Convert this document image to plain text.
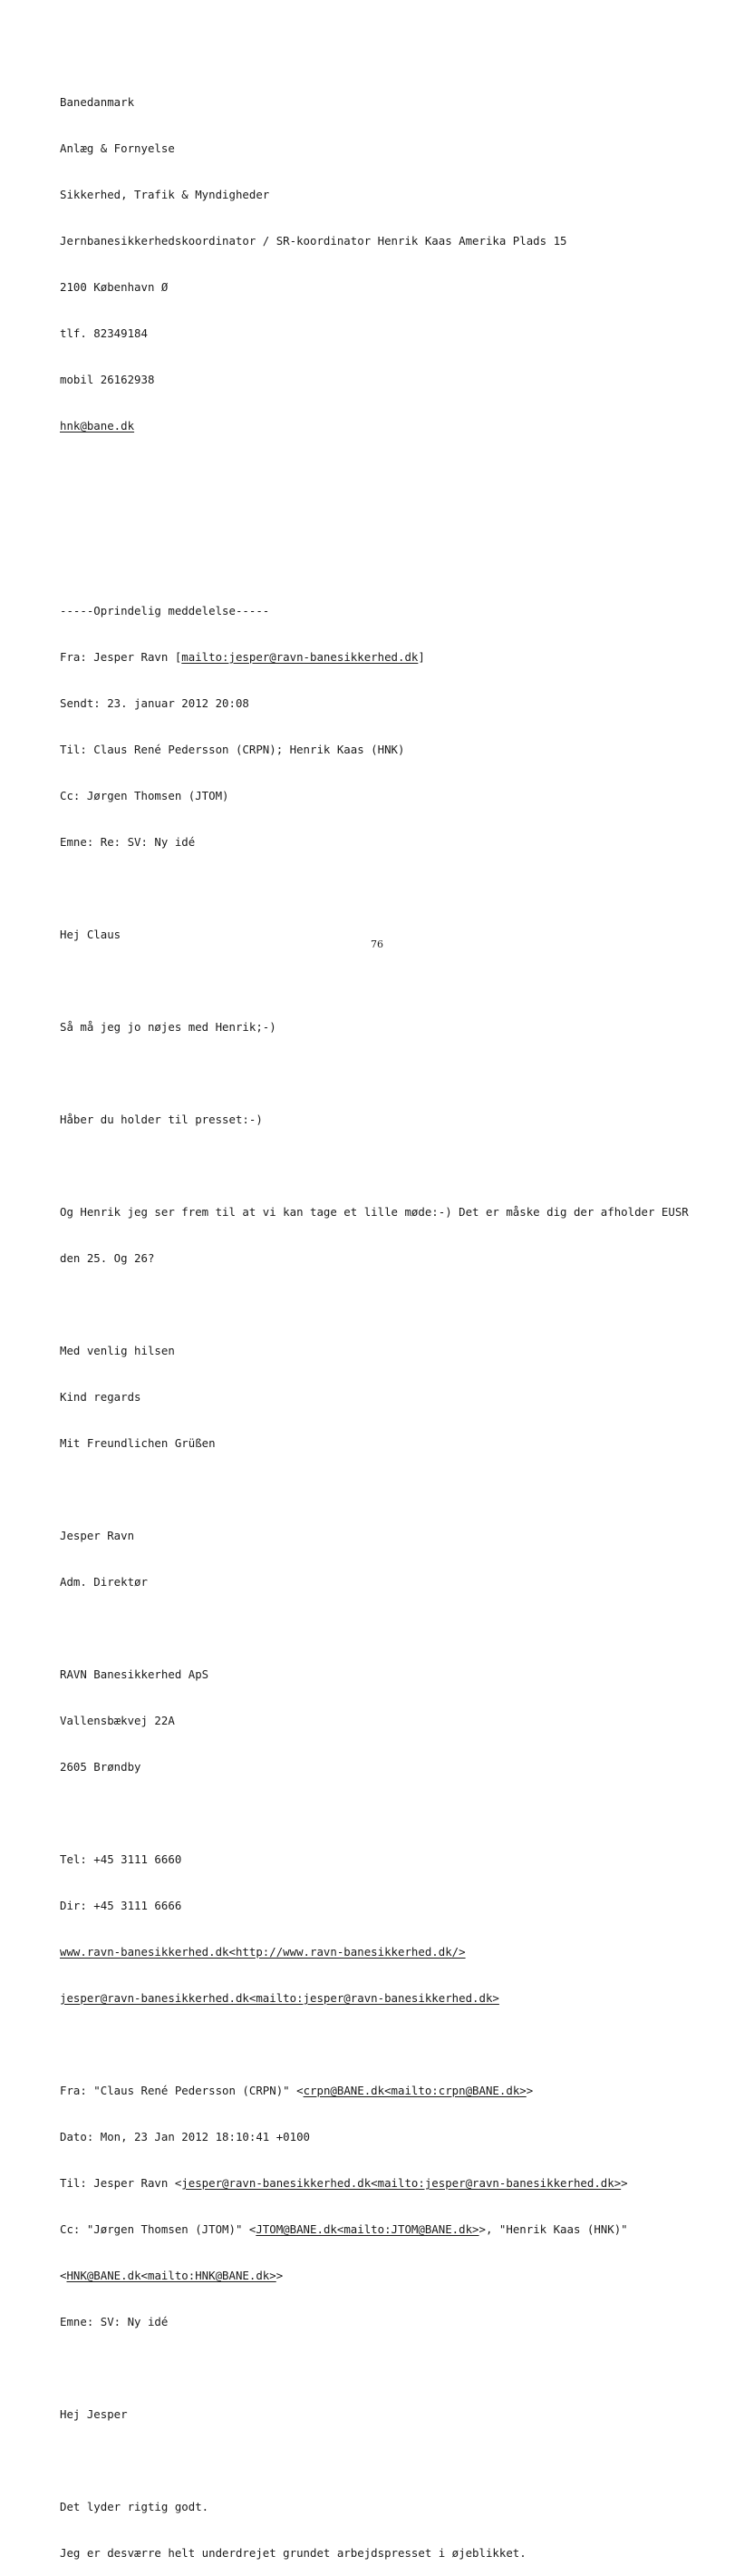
Banedanmark

Anlæg & Fornyelse

Sikkerhed, Trafik & Myndigheder

Jernbanesikkerhedskoordinator / SR-koordinator Henrik Kaas Amerika Plads 15

2100 København Ø

tlf. 82349184

mobil 26162938

hnk@bane.dk

-----Oprindelig meddelelse-----

Fra: Jesper Ravn [mailto:jesper@ravn-banesikkerhed.dk]

Sendt: 23. januar 2012 20:08

Til: Claus René Pedersson (CRPN); Henrik Kaas (HNK)

Cc: Jørgen Thomsen (JTOM)

Emne: Re: SV: Ny idé

Hej Claus

Så må jeg jo nøjes med Henrik;-)

Håber du holder til presset:-)

Og Henrik jeg ser frem til at vi kan tage et lille møde:-) Det er måske dig der afholder EUSR

den 25. Og 26?

Med venlig hilsen

Kind regards

Mit Freundlichen Grüßen

Jesper Ravn

Adm. Direktør

RAVN Banesikkerhed ApS

Vallensbækvej 22A

2605 Brøndby

Tel: +45 3111 6660

Dir: +45 3111 6666

www.ravn-banesikkerhed.dk<http://www.ravn-banesikkerhed.dk/>

jesper@ravn-banesikkerhed.dk<mailto:jesper@ravn-banesikkerhed.dk>

Fra: "Claus René Pedersson (CRPN)" <crpn@BANE.dk<mailto:crpn@BANE.dk>>

Dato: Mon, 23 Jan 2012 18:10:41 +0100

Til: Jesper Ravn <jesper@ravn-banesikkerhed.dk<mailto:jesper@ravn-banesikkerhed.dk>>

Cc: "Jørgen Thomsen (JTOM)" <JTOM@BANE.dk<mailto:JTOM@BANE.dk>>, "Henrik Kaas (HNK)"

<HNK@BANE.dk<mailto:HNK@BANE.dk>>

Emne: SV: Ny idé

Hej Jesper

Det lyder rigtig godt.

Jeg er desværre helt underdrejet grundet arbejdspresset i øjeblikket.

76
